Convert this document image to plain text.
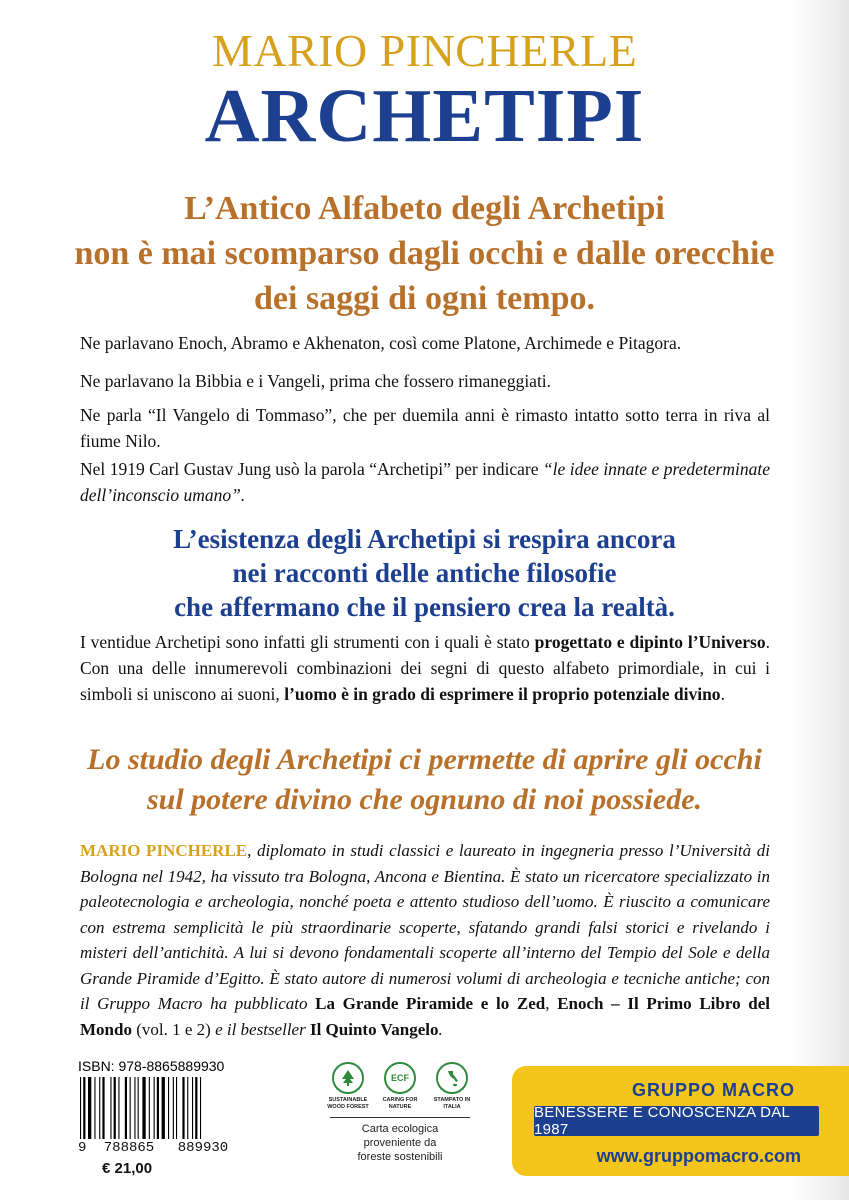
MARIO PINCHERLE
ARCHETIPI
L’Antico Alfabeto degli Archetipi
non è mai scomparso dagli occhi e dalle orecchie
dei saggi di ogni tempo.

Ne parlavano Enoch, Abramo e Akhenaton, così come Platone, Archimede e Pitagora.

Ne parlavano la Bibbia e i Vangeli, prima che fossero rimaneggiati.

Ne parla “Il Vangelo di Tommaso”, che per duemila anni è rimasto intatto sotto terra in riva al fiume Nilo.

Nel 1919 Carl Gustav Jung usò la parola “Archetipi” per indicare “le idee innate e predeterminate dell’inconscio umano”.

L’esistenza degli Archetipi si respira ancora
nei racconti delle antiche filosofie
che affermano che il pensiero crea la realtà.

I ventidue Archetipi sono infatti gli strumenti con i quali è stato progettato e dipinto l’Universo. Con una delle innumerevoli combinazioni dei segni di questo alfabeto primordiale, in cui i simboli si uniscono ai suoni, l’uomo è in grado di esprimere il proprio potenziale divino.

Lo studio degli Archetipi ci permette di aprire gli occhi
sul potere divino che ognuno di noi possiede.

MARIO PINCHERLE, diplomato in studi classici e laureato in ingegneria presso l’Università di Bologna nel 1942, ha vissuto tra Bologna, Ancona e Bientina. È stato un ricercatore specializzato in paleotecnologia e archeologia, nonché poeta e attento studioso dell’uomo. È riuscito a comunicare con estrema semplicità le più straordinarie scoperte, sfatando grandi falsi storici e rivelando i misteri dell’antichità. A lui si devono fondamentali scoperte all’interno del Tempio del Sole e della Grande Piramide d’Egitto. È stato autore di numerosi volumi di archeologia e tecniche antiche; con il Gruppo Macro ha pubblicato La Grande Piramide e lo Zed, Enoch – Il Primo Libro del Mondo (vol. 1 e 2) e il bestseller Il Quinto Vangelo.

ISBN: 978-8865889930
9	788865	889930
€ 21,00
SUSTAINABLE WOOD FOREST
ECF
CARING FOR NATURE
STAMPATO IN ITALIA
Carta ecologica
proveniente da
foreste sostenibili
GRUPPO MACRO
BENESSERE E CONOSCENZA DAL 1987
www.gruppomacro.com
